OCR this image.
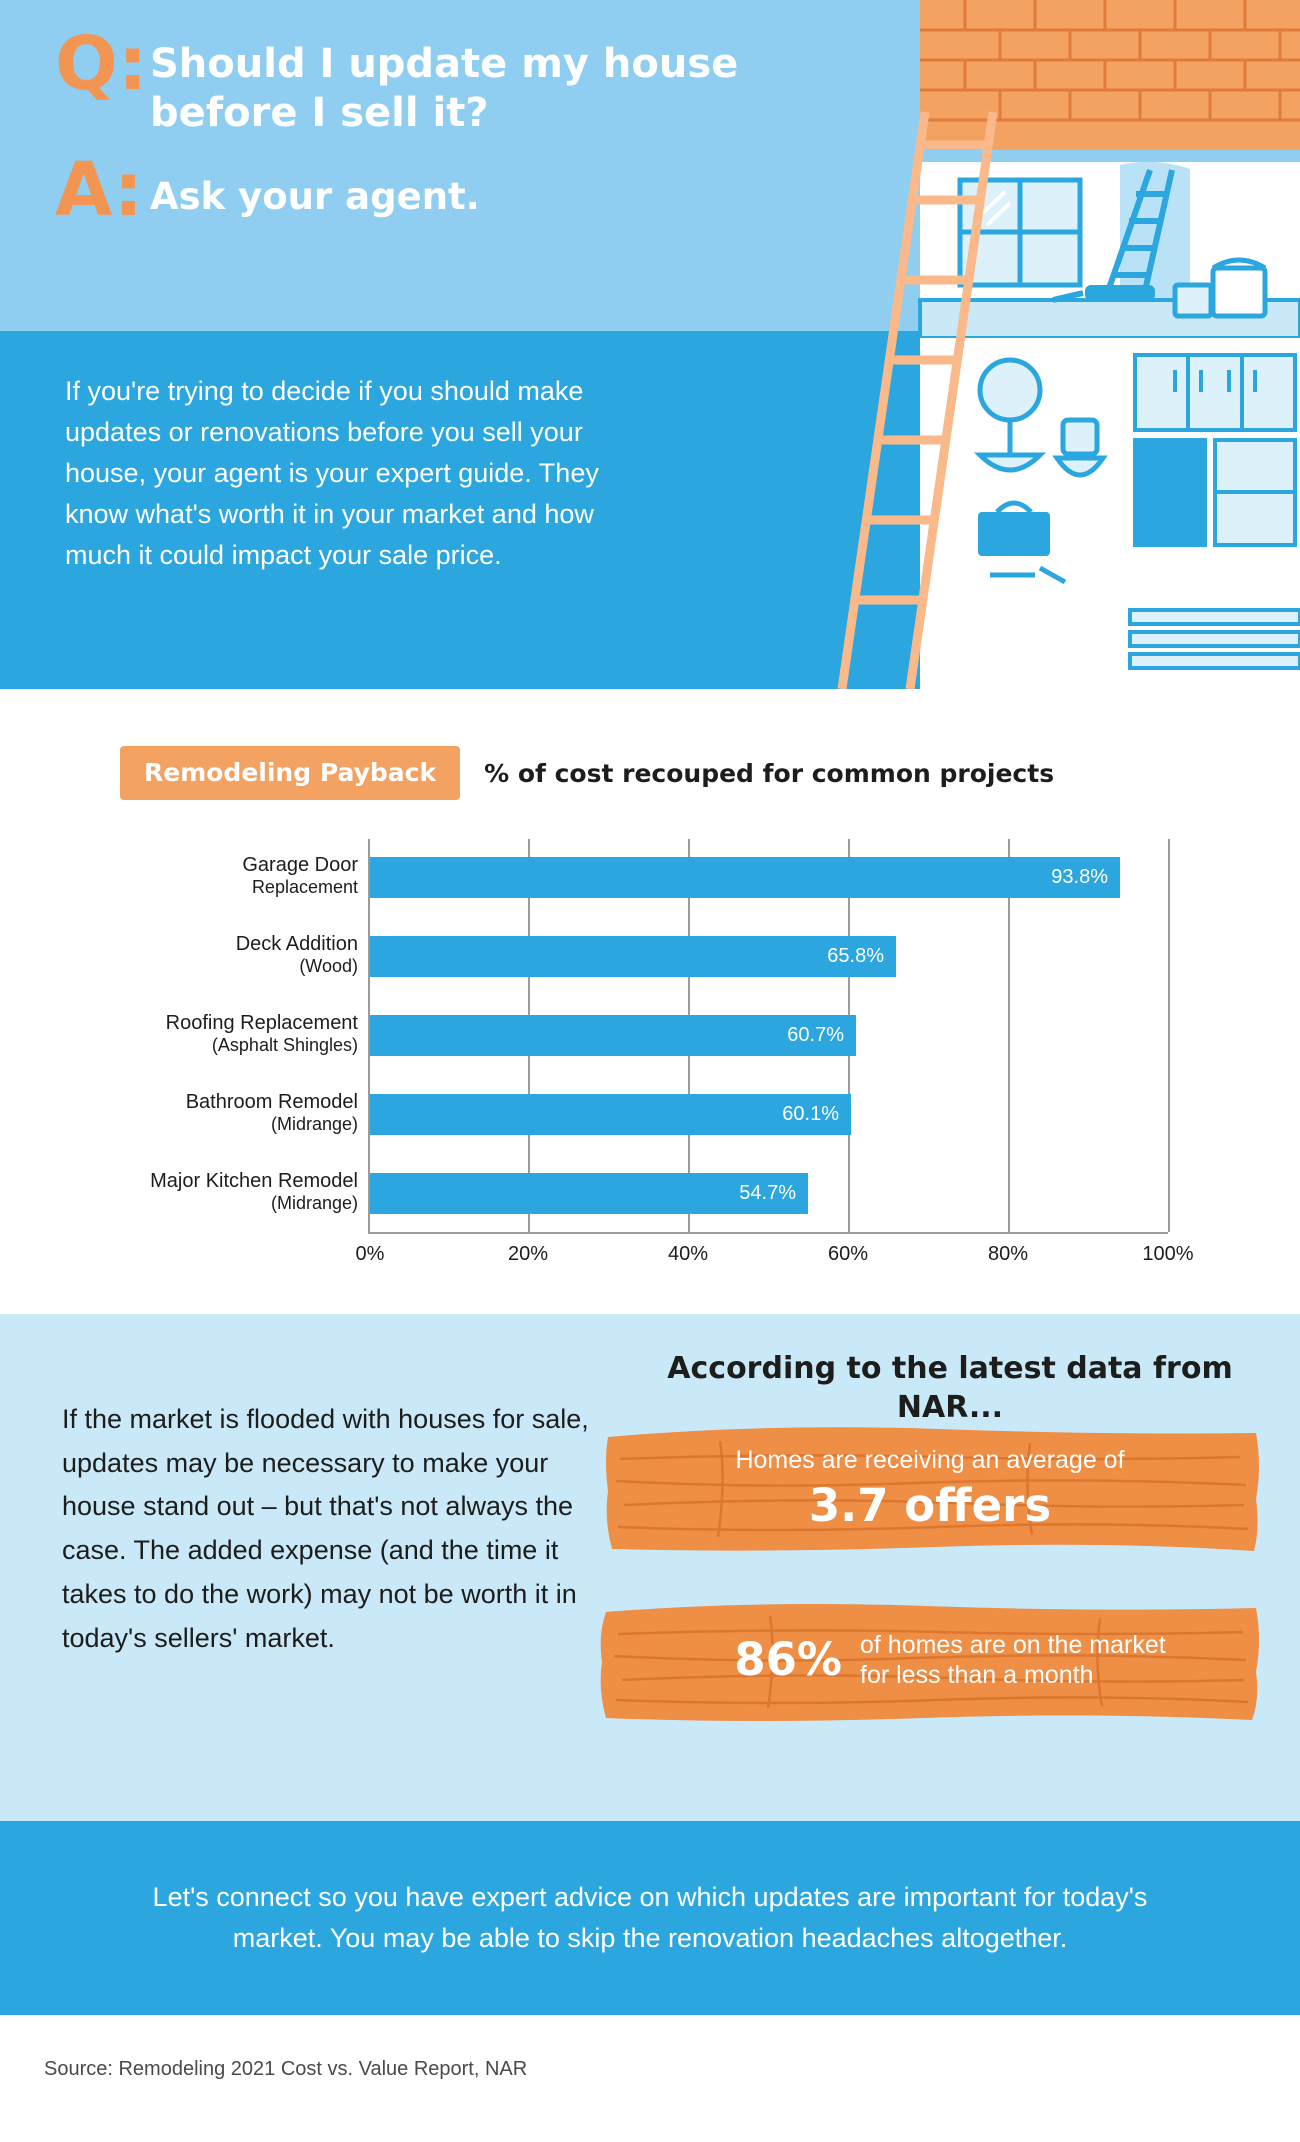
Q: Should I update my house before I sell it?
A: Ask your agent.
If you're trying to decide if you should make updates or renovations before you sell your house, your agent is your expert guide. They know what's worth it in your market and how much it could impact your sale price.
Remodeling Payback	% of cost recouped for common projects
Garage Door
Replacement
Deck Addition
(Wood)
Roofing Replacement
(Asphalt Shingles)
Bathroom Remodel
(Midrange)
Major Kitchen Remodel
(Midrange)
93.8%
65.8%
60.7%
60.1%
54.7%
0%	20%	40%	60%	80%	100%
If the market is flooded with houses for sale, updates may be necessary to make your house stand out – but that's not always the case. The added expense (and the time it takes to do the work) may not be worth it in today's sellers' market.
According to the latest data from NAR...
Homes are receiving an average of
3.7 offers
86% of homes are on the market
for less than a month
Let's connect so you have expert advice on which updates are important for today's market. You may be able to skip the renovation headaches altogether.
Source: Remodeling 2021 Cost vs. Value Report, NAR
